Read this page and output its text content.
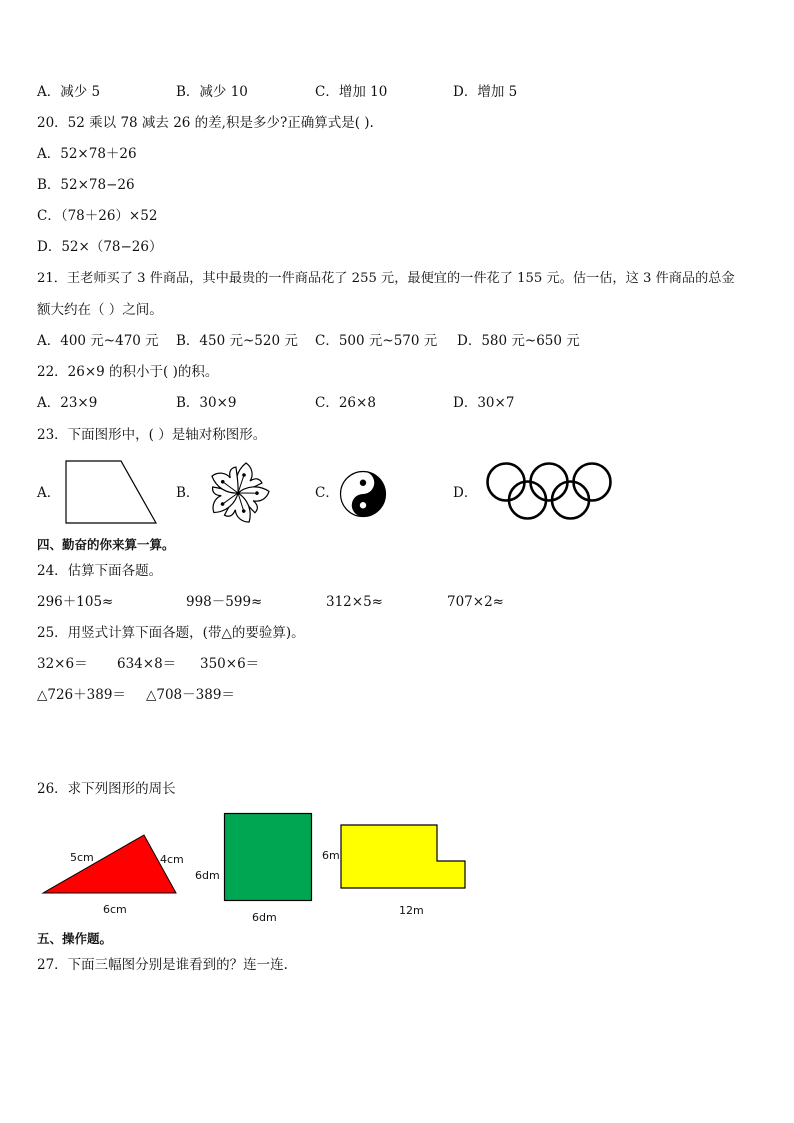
A．减少 5	B．减少 10	C．增加 10	D．增加 5
20．52 乘以 78 减去 26 的差,积是多少?正确算式是( ).
A．52×78＋26
B．52×78−26
C．（78＋26）×52
D．52×（78−26）
21．王老师买了 3 件商品，其中最贵的一件商品花了 255 元，最便宜的一件花了 155 元。估一估，这 3 件商品的总金
额大约在（ ）之间。
A．400 元~470 元 B．450 元~520 元 C．500 元~570 元 D．580 元~650 元
22．26×9 的积小于( )的积。
A．23×9	B．30×9	C．26×8	D．30×7
23．下面图形中，( ）是轴对称图形。
A．	B．	C．	D．
四、勤奋的你来算一算。
24．估算下面各题。
296＋105≈	998－599≈	312×5≈	707×2≈
25．用竖式计算下面各题，(带△的要验算)。
32×6＝ 634×8＝ 350×6＝
△726＋389＝ △708－389＝
26．求下列图形的周长
5cm	4cm
6cm
6dm
6dm
6m
12m
五、操作题。
27．下面三幅图分别是谁看到的？连一连.
